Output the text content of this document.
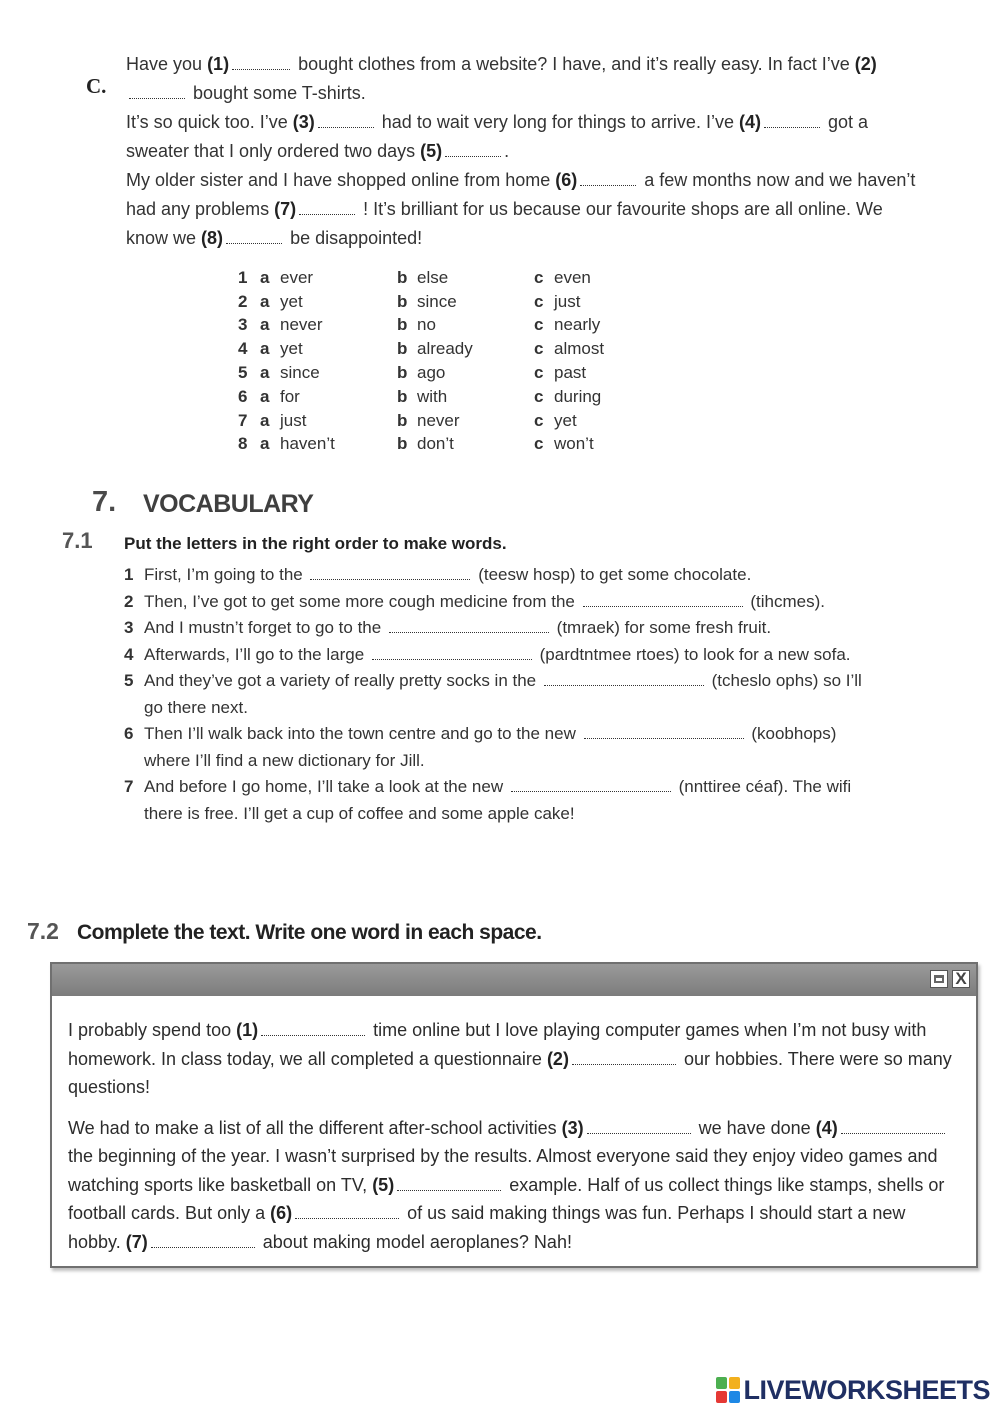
C.

Have you (1)	bought clothes from a website? I have, and it’s really easy. In fact I’ve (2) bought some T-shirts.

It’s so quick too. I’ve (3)	had to wait very long for things to arrive. I’ve (4)	got a sweater that I only ordered two days (5)	.

My older sister and I have shopped online from home (6)	a few months now and we haven’t had any problems (7)	! It’s brilliant for us because our favourite shops are all online. We know we (8)	be disappointed!

1 a ever	b else	c even
2 a yet	b since	c just
3 a never	b no	c nearly
4 a yet	b already	c almost
5 a since	b ago	c past
6 a for	b with	c during
7 a just	b never	c yet
8 a haven’t	b don’t	c won’t
7. VOCABULARY
7.1 Put the letters in the right order to make words.
1 First, I’m going to the	(teesw hosp) to get some chocolate.
2 Then, I’ve got to get some more cough medicine from the	(tihcmes).
3 And I mustn’t forget to go to the	(tmraek) for some fresh fruit.
4 Afterwards, I’ll go to the large	(pardtntmee rtoes) to look for a new sofa.
5 And they’ve got a variety of really pretty socks in the	(tcheslo ophs) so I’ll go there next.
6 Then I’ll walk back into the town centre and go to the new	(koobhops) where I’ll find a new dictionary for Jill.
7 And before I go home, I’ll take a look at the new	(nnttiree céaf). The wifi there is free. I’ll get a cup of coffee and some apple cake!
7.2 Complete the text. Write one word in each space.
X

I probably spend too (1)	time online but I love playing computer games when I’m not busy with homework. In class today, we all completed a questionnaire (2)	our hobbies. There were so many questions!

We had to make a list of all the different after-school activities (3)	we have done (4) the beginning of the year. I wasn’t surprised by the results. Almost everyone said they enjoy video games and watching sports like basketball on TV, (5)	example. Half of us collect things like stamps, shells or football cards. But only a (6)	of us said making things was fun. Perhaps I should start a new hobby. (7)	about making model aeroplanes? Nah!

LIVEWORKSHEETS
